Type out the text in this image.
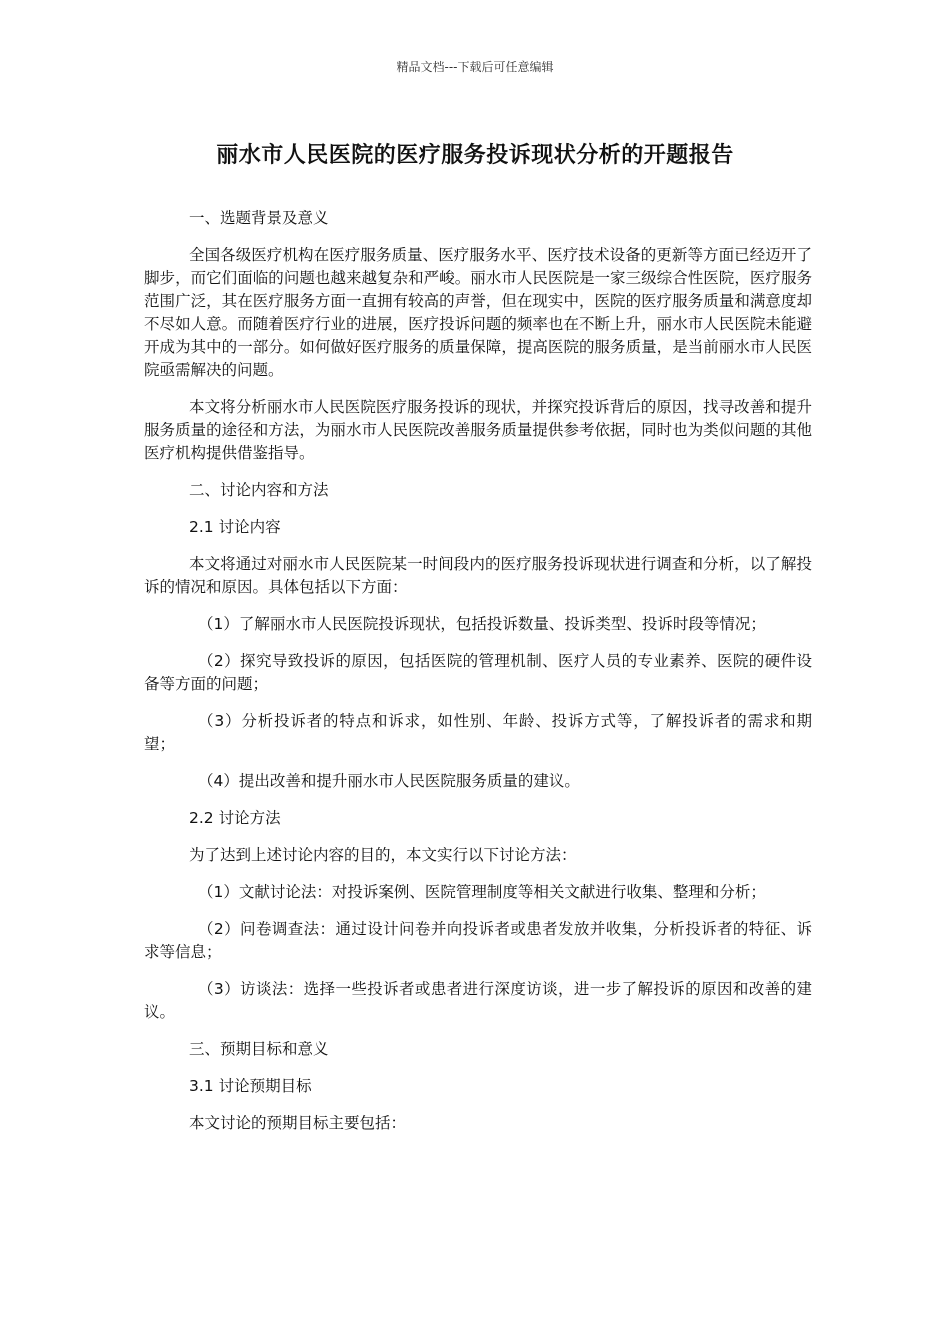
精品文档---下载后可任意编辑
丽水市人民医院的医疗服务投诉现状分析的开题报告

一、选题背景及意义

全国各级医疗机构在医疗服务质量、医疗服务水平、医疗技术设备的更新等方面已经迈开了脚步，而它们面临的问题也越来越复杂和严峻。丽水市人民医院是一家三级综合性医院，医疗服务范围广泛，其在医疗服务方面一直拥有较高的声誉，但在现实中，医院的医疗服务质量和满意度却不尽如人意。而随着医疗行业的进展，医疗投诉问题的频率也在不断上升，丽水市人民医院未能避开成为其中的一部分。如何做好医疗服务的质量保障，提高医院的服务质量，是当前丽水市人民医院亟需解决的问题。

本文将分析丽水市人民医院医疗服务投诉的现状，并探究投诉背后的原因，找寻改善和提升服务质量的途径和方法，为丽水市人民医院改善服务质量提供参考依据，同时也为类似问题的其他医疗机构提供借鉴指导。

二、讨论内容和方法

2.1 讨论内容

本文将通过对丽水市人民医院某一时间段内的医疗服务投诉现状进行调查和分析，以了解投诉的情况和原因。具体包括以下方面：

（1）了解丽水市人民医院投诉现状，包括投诉数量、投诉类型、投诉时段等情况；

（2）探究导致投诉的原因，包括医院的管理机制、医疗人员的专业素养、医院的硬件设备等方面的问题；

（3）分析投诉者的特点和诉求，如性别、年龄、投诉方式等，了解投诉者的需求和期望；

（4）提出改善和提升丽水市人民医院服务质量的建议。

2.2 讨论方法

为了达到上述讨论内容的目的，本文实行以下讨论方法：

（1）文献讨论法：对投诉案例、医院管理制度等相关文献进行收集、整理和分析；

（2）问卷调查法：通过设计问卷并向投诉者或患者发放并收集，分析投诉者的特征、诉求等信息；

（3）访谈法：选择一些投诉者或患者进行深度访谈，进一步了解投诉的原因和改善的建议。

三、预期目标和意义

3.1 讨论预期目标

本文讨论的预期目标主要包括：
